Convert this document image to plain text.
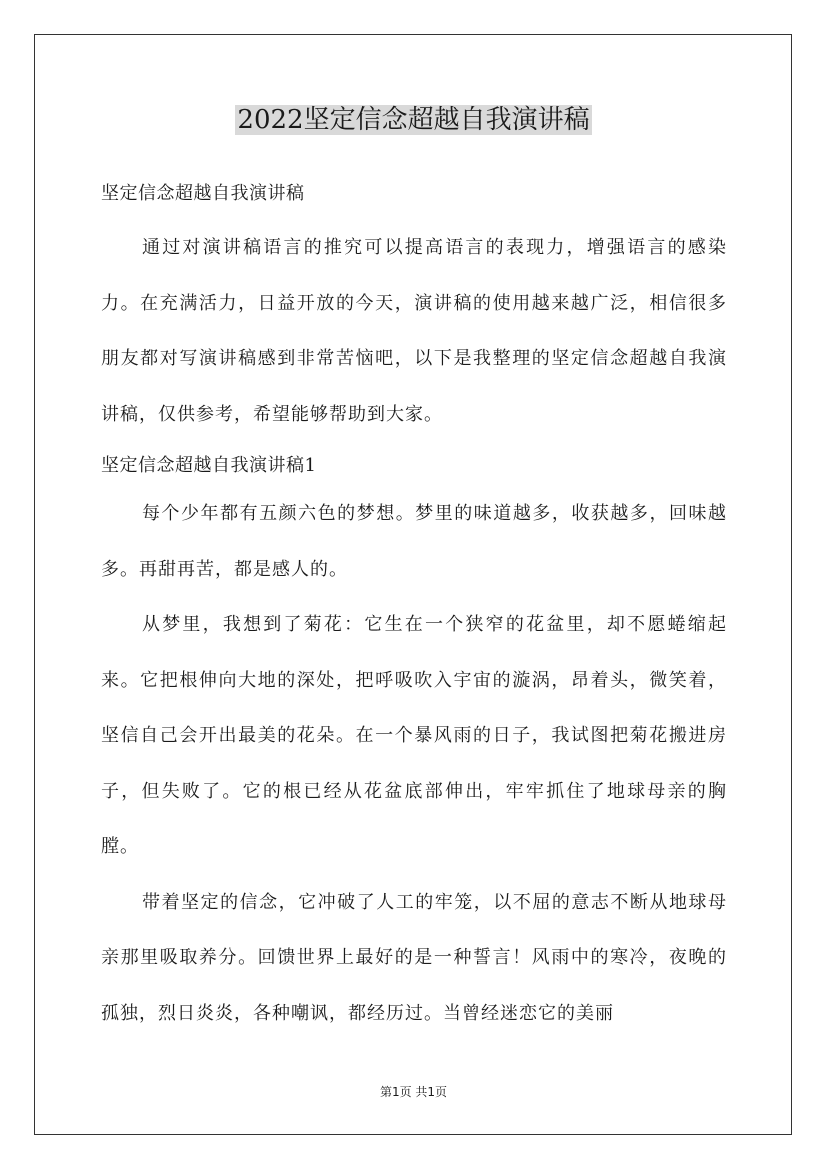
2022坚定信念超越自我演讲稿

坚定信念超越自我演讲稿

通过对演讲稿语言的推究可以提高语言的表现力，增强语言的感染力。在充满活力，日益开放的今天，演讲稿的使用越来越广泛，相信很多朋友都对写演讲稿感到非常苦恼吧，以下是我整理的坚定信念超越自我演讲稿，仅供参考，希望能够帮助到大家。

坚定信念超越自我演讲稿1

每个少年都有五颜六色的梦想。梦里的味道越多，收获越多，回味越多。再甜再苦，都是感人的。

从梦里，我想到了菊花：它生在一个狭窄的花盆里，却不愿蜷缩起来。它把根伸向大地的深处，把呼吸吹入宇宙的漩涡，昂着头，微笑着，坚信自己会开出最美的花朵。在一个暴风雨的日子，我试图把菊花搬进房子，但失败了。它的根已经从花盆底部伸出，牢牢抓住了地球母亲的胸膛。

带着坚定的信念，它冲破了人工的牢笼，以不屈的意志不断从地球母亲那里吸取养分。回馈世界上最好的是一种誓言！风雨中的寒冷，夜晚的孤独，烈日炎炎，各种嘲讽，都经历过。当曾经迷恋它的美丽

第1页 共1页
